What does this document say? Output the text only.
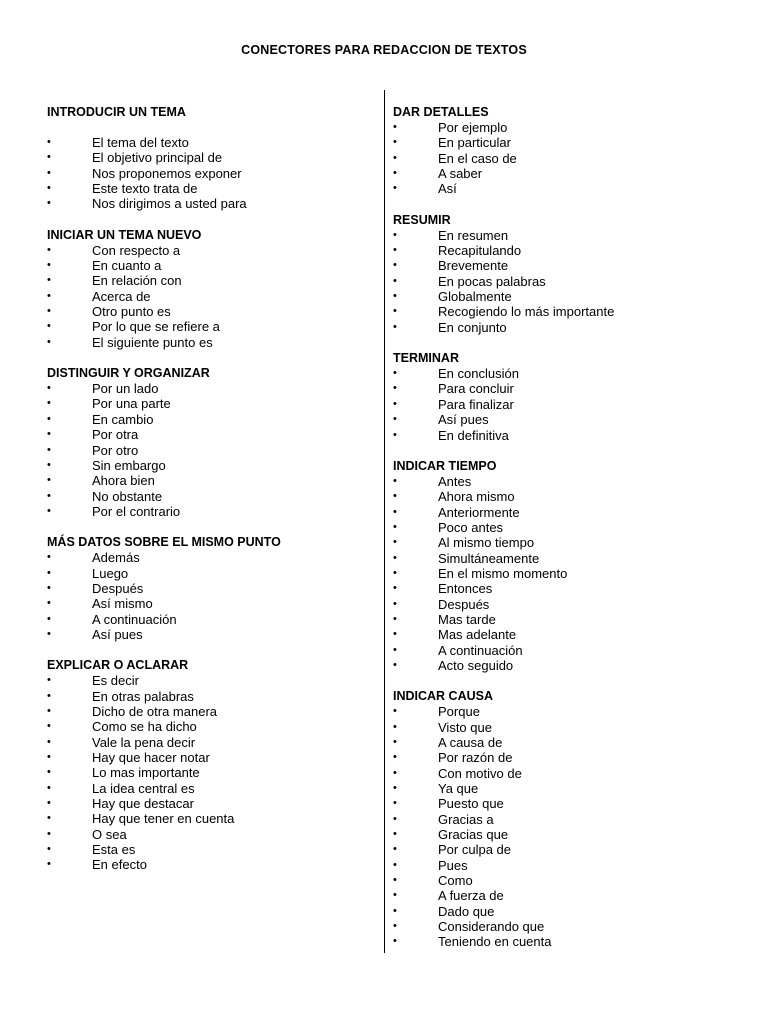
CONECTORES PARA REDACCION DE TEXTOS
INTRODUCIR UN TEMA
•	El tema del texto
•	El objetivo principal de
•	Nos proponemos exponer
•	Este texto trata de
•	Nos dirigimos a usted para
INICIAR UN TEMA NUEVO
•	Con respecto a
•	En cuanto a
•	En relación con
•	Acerca de
•	Otro punto es
•	Por lo que se refiere a
•	El siguiente punto es
DISTINGUIR Y ORGANIZAR
•	Por un lado
•	Por una parte
•	En cambio
•	Por otra
•	Por otro
•	Sin embargo
•	Ahora bien
•	No obstante
•	Por el contrario
MÁS DATOS SOBRE EL MISMO PUNTO
•	Además
•	Luego
•	Después
•	Así mismo
•	A continuación
•	Así pues
EXPLICAR O ACLARAR
•	Es decir
•	En otras palabras
•	Dicho de otra manera
•	Como se ha dicho
•	Vale la pena decir
•	Hay que hacer notar
•	Lo mas importante
•	La idea central es
•	Hay que destacar
•	Hay que tener en cuenta
•	O sea
•	Esta es
•	En efecto
DAR DETALLES
•	Por ejemplo
•	En particular
•	En el caso de
•	A saber
•	Así
RESUMIR
•	En resumen
•	Recapitulando
•	Brevemente
•	En pocas palabras
•	Globalmente
•	Recogiendo lo más importante
•	En conjunto
TERMINAR
•	En conclusión
•	Para concluir
•	Para finalizar
•	Así pues
•	En definitiva
INDICAR TIEMPO
•	Antes
•	Ahora mismo
•	Anteriormente
•	Poco antes
•	Al mismo tiempo
•	Simultáneamente
•	En el mismo momento
•	Entonces
•	Después
•	Mas tarde
•	Mas adelante
•	A continuación
•	Acto seguido
INDICAR CAUSA
•	Porque
•	Visto que
•	A causa de
•	Por razón de
•	Con motivo de
•	Ya que
•	Puesto que
•	Gracias a
•	Gracias que
•	Por culpa de
•	Pues
•	Como
•	A fuerza de
•	Dado que
•	Considerando que
•	Teniendo en cuenta
